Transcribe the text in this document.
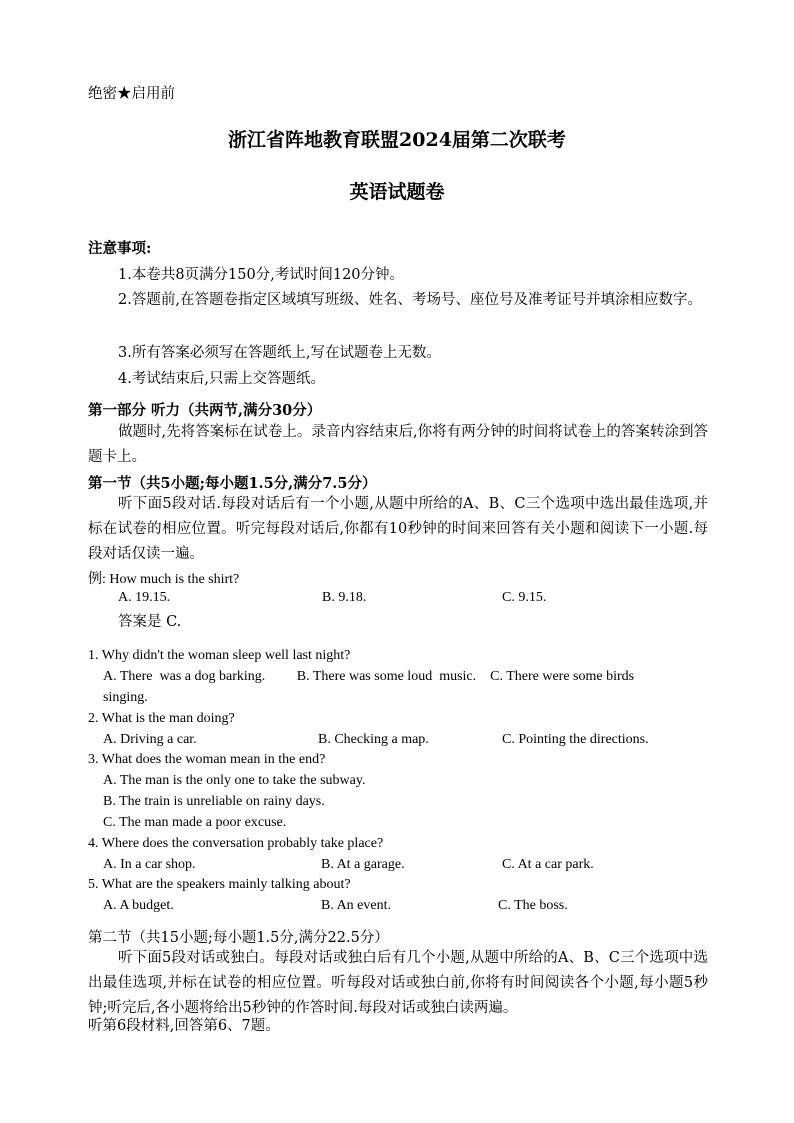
绝密★启用前
浙江省阵地教育联盟2024届第二次联考
英语试题卷
注意事项:
1.本卷共8页满分150分,考试时间120分钟。
2.答题前,在答题卷指定区域填写班级、姓名、考场号、座位号及准考证号并填涂相应数字。
3.所有答案必须写在答题纸上,写在试题卷上无数。
4.考试结束后,只需上交答题纸。
第一部分 听力（共两节,满分30分）
做题时,先将答案标在试卷上。录音内容结束后,你将有两分钟的时间将试卷上的答案转涂到答题卡上。
第一节（共5小题;每小题1.5分,满分7.5分）
听下面5段对话.每段对话后有一个小题,从题中所给的A、B、C三个选项中选出最佳选项,并标在试卷的相应位置。听完每段对话后,你都有10秒钟的时间来回答有关小题和阅读下一小题.每段对话仅读一遍。
例: How much is the shirt?
A. 19.15.	B. 9.18.	C. 9.15.
答案是 C.
1. Why didn't the woman sleep well last night?
A. There  was a dog barking.         B. There was some loud  music.    C. There were some birds
singing.
2. What is the man doing?
A. Driving a car.	B. Checking a map.	C. Pointing the directions.
3. What does the woman mean in the end?
A. The man is the only one to take the subway.
B. The train is unreliable on rainy days.
C. The man made a poor excuse.
4. Where does the conversation probably take place?
A. In a car shop.	B. At a garage.	C. At a car park.
5. What are the speakers mainly talking about?
A. A budget.	B. An event.	C. The boss.
第二节（共15小题;每小题1.5分,满分22.5分）
听下面5段对话或独白。每段对话或独白后有几个小题,从题中所给的A、B、C三个选项中选出最佳选项,并标在试卷的相应位置。听每段对话或独白前,你将有时间阅读各个小题,每小题5秒钟;听完后,各小题将给出5秒钟的作答时间.每段对话或独白读两遍。
听第6段材料,回答第6、7题。
